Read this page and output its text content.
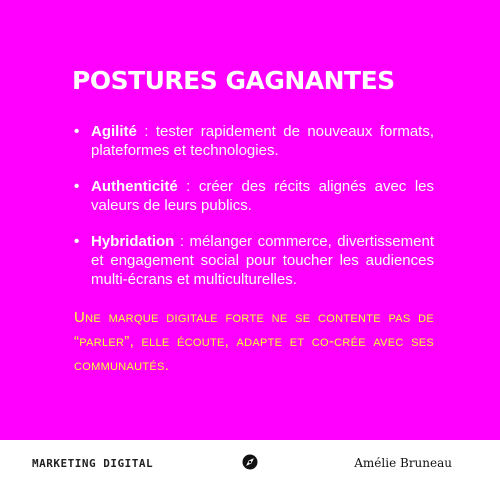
POSTURES GAGNANTES
• Agilité : tester rapidement de nouveaux formats, plateformes et technologies.
• Authenticité : créer des récits alignés avec les valeurs de leurs publics.
• Hybridation : mélanger commerce, divertissement et engagement social pour toucher les audiences multi-écrans et multiculturelles.

Une marque digitale forte ne se contente pas de “parler”, elle écoute, adapte et co-crée avec ses communautés.

MARKETING DIGITAL	Amélie Bruneau
